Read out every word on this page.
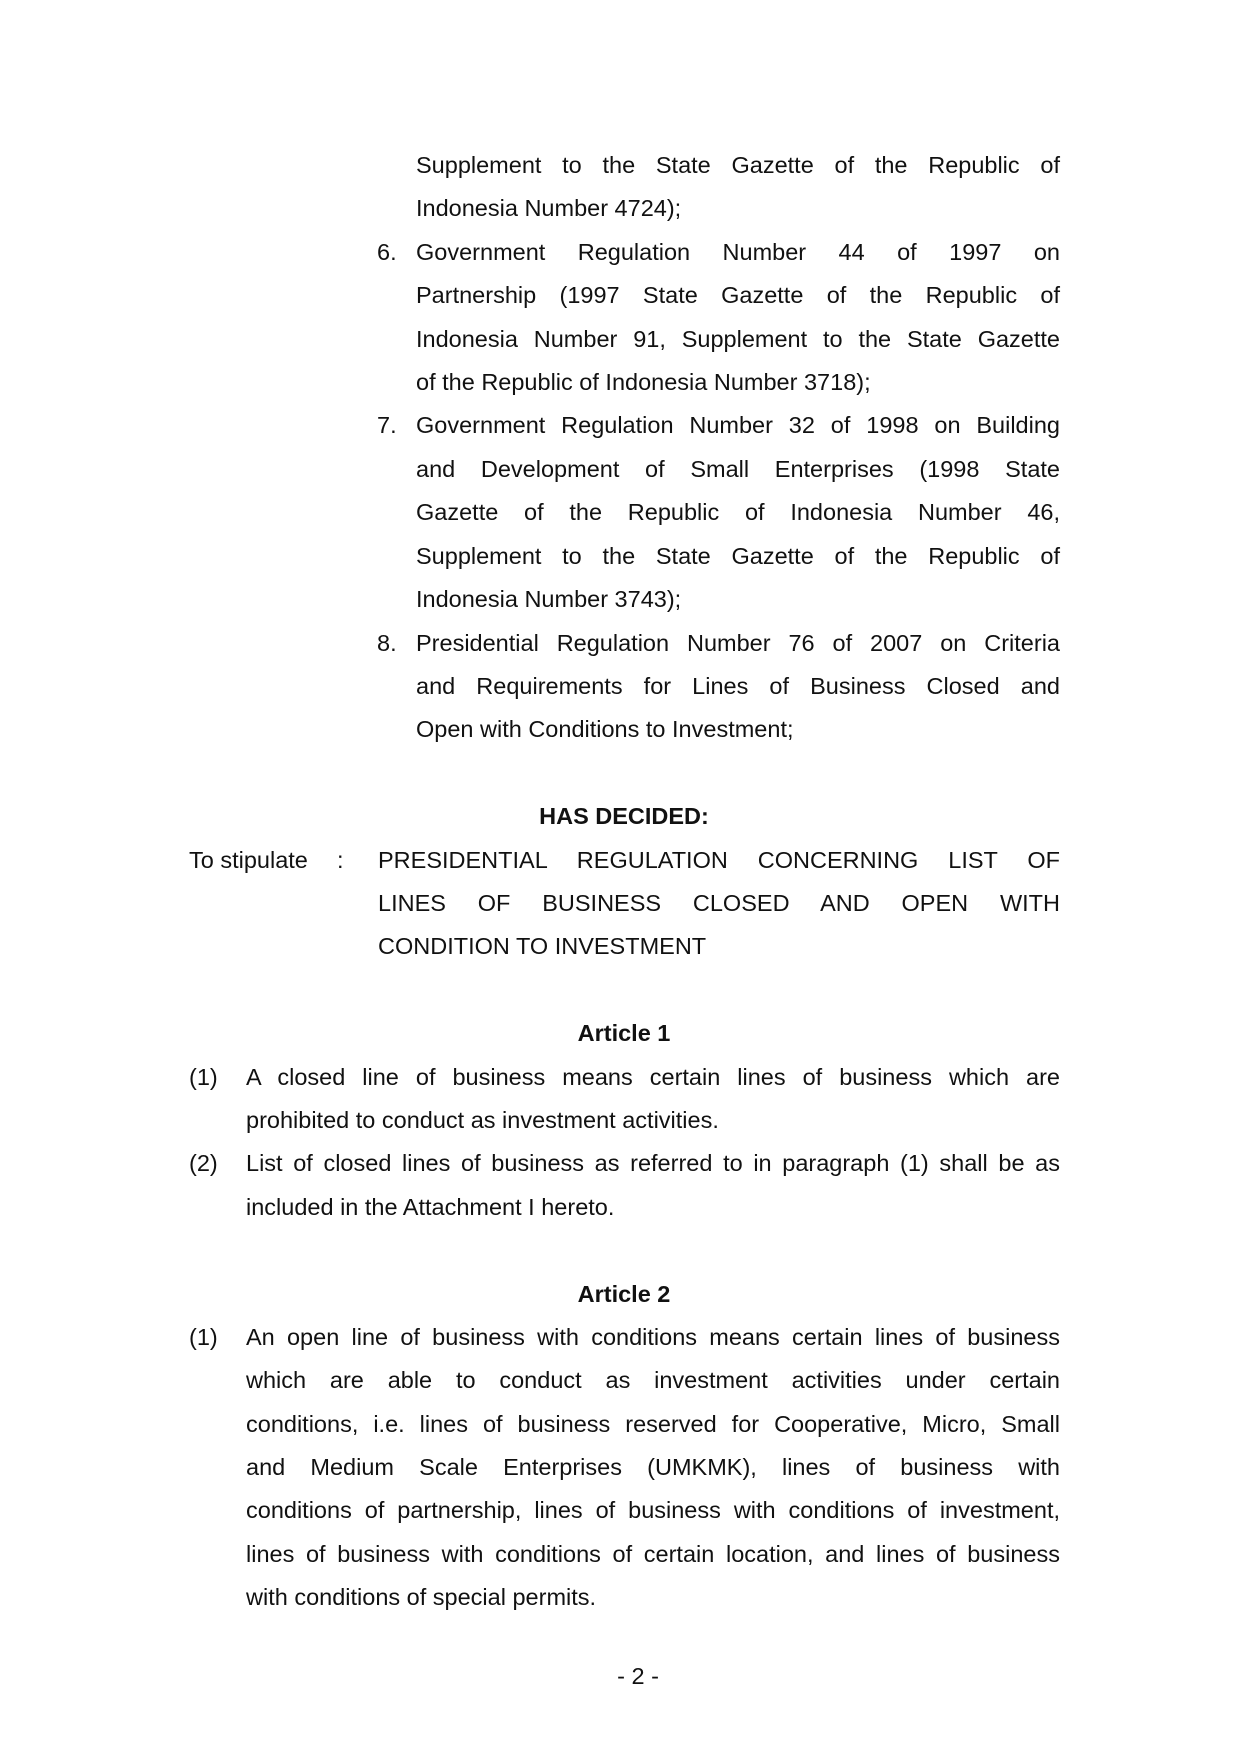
Supplement to the State Gazette of the Republic of
Indonesia Number 4724);
6. Government Regulation Number 44 of 1997 on
Partnership (1997 State Gazette of the Republic of
Indonesia Number 91, Supplement to the State Gazette
of the Republic of Indonesia Number 3718);
7. Government Regulation Number 32 of 1998 on Building
and Development of Small Enterprises (1998 State
Gazette of the Republic of Indonesia Number 46,
Supplement to the State Gazette of the Republic of
Indonesia Number 3743);
8. Presidential Regulation Number 76 of 2007 on Criteria
and Requirements for Lines of Business Closed and
Open with Conditions to Investment;
HAS DECIDED:
To stipulate : PRESIDENTIAL REGULATION CONCERNING LIST OF
LINES OF BUSINESS CLOSED AND OPEN WITH
CONDITION TO INVESTMENT
Article 1
(1) A closed line of business means certain lines of business which are
prohibited to conduct as investment activities.
(2) List of closed lines of business as referred to in paragraph (1) shall be as
included in the Attachment I hereto.
Article 2
(1) An open line of business with conditions means certain lines of business
which are able to conduct as investment activities under certain
conditions, i.e. lines of business reserved for Cooperative, Micro, Small
and Medium Scale Enterprises (UMKMK), lines of business with
conditions of partnership, lines of business with conditions of investment,
lines of business with conditions of certain location, and lines of business
with conditions of special permits.
- 2 -
